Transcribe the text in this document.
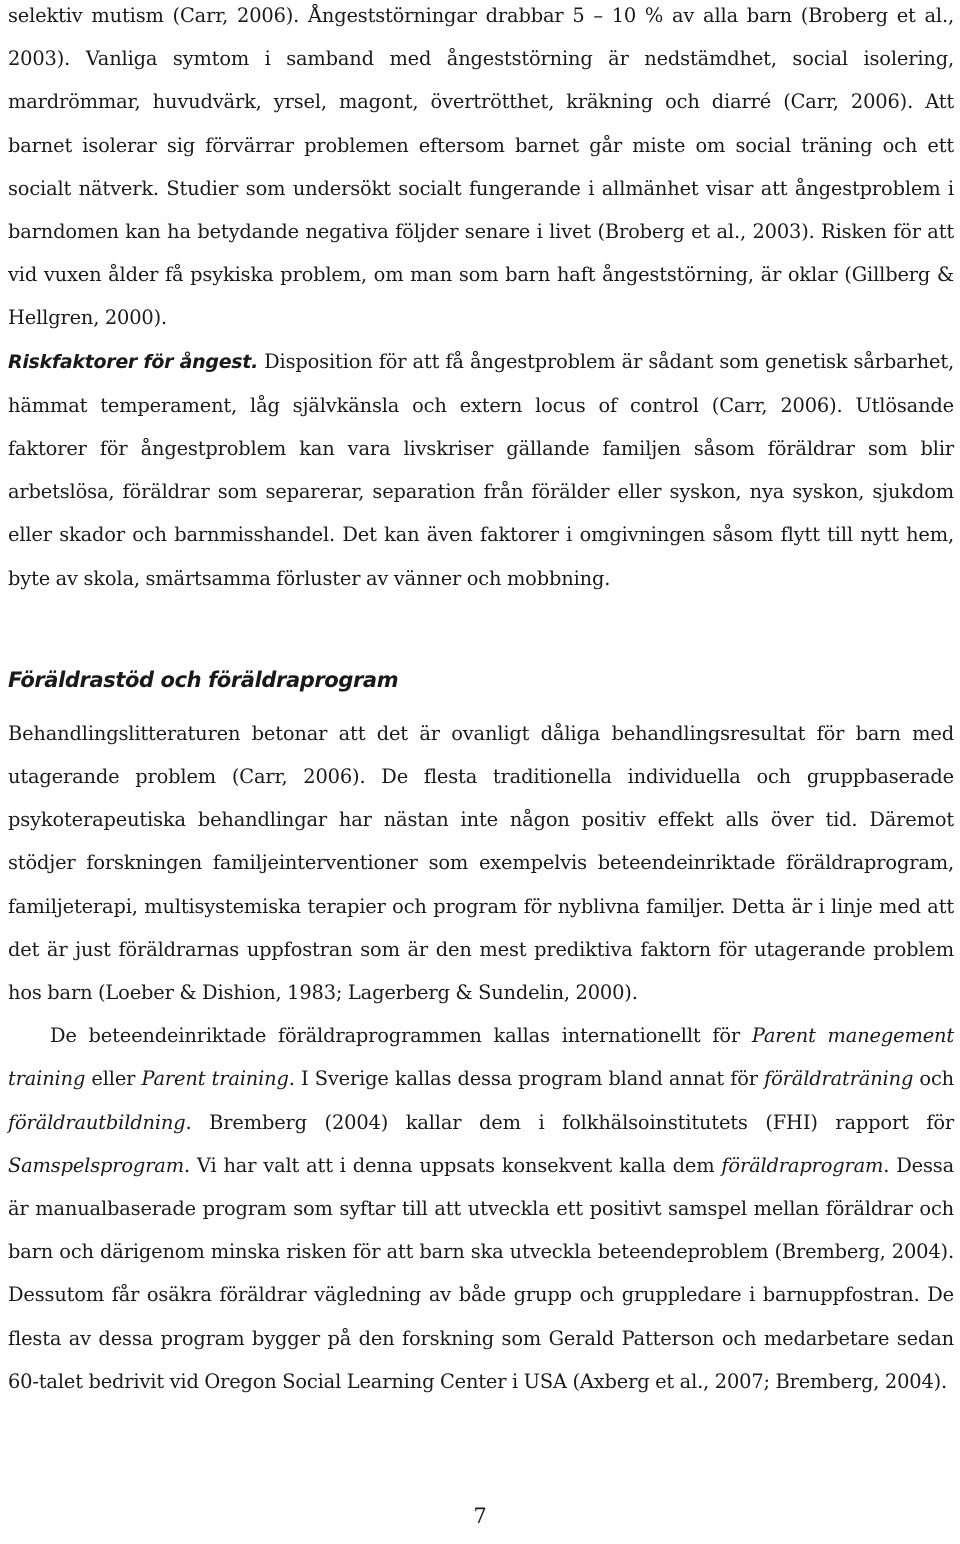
selektiv mutism (Carr, 2006). Ångeststörningar drabbar 5 – 10 % av alla barn (Broberg et al., 2003). Vanliga symtom i samband med ångeststörning är nedstämdhet, social isolering, mardrömmar, huvudvärk, yrsel, magont, övertrötthet, kräkning och diarré (Carr, 2006). Att barnet isolerar sig förvärrar problemen eftersom barnet går miste om social träning och ett socialt nätverk. Studier som undersökt socialt fungerande i allmänhet visar att ångestproblem i barndomen kan ha betydande negativa följder senare i livet (Broberg et al., 2003). Risken för att vid vuxen ålder få psykiska problem, om man som barn haft ångeststörning, är oklar (Gillberg & Hellgren, 2000).

Riskfaktorer för ångest. Disposition för att få ångestproblem är sådant som genetisk sårbarhet, hämmat temperament, låg självkänsla och extern locus of control (Carr, 2006). Utlösande faktorer för ångestproblem kan vara livskriser gällande familjen såsom föräldrar som blir arbetslösa, föräldrar som separerar, separation från förälder eller syskon, nya syskon, sjukdom eller skador och barnmisshandel. Det kan även faktorer i omgivningen såsom flytt till nytt hem, byte av skola, smärtsamma förluster av vänner och mobbning.

Föräldrastöd och föräldraprogram

Behandlingslitteraturen betonar att det är ovanligt dåliga behandlingsresultat för barn med utagerande problem (Carr, 2006). De flesta traditionella individuella och gruppbaserade psykoterapeutiska behandlingar har nästan inte någon positiv effekt alls över tid. Däremot stödjer forskningen familjeinterventioner som exempelvis beteendeinriktade föräldraprogram, familjeterapi, multisystemiska terapier och program för nyblivna familjer. Detta är i linje med att det är just föräldrarnas uppfostran som är den mest prediktiva faktorn för utagerande problem hos barn (Loeber & Dishion, 1983; Lagerberg & Sundelin, 2000).

De beteendeinriktade föräldraprogrammen kallas internationellt för Parent manegement training eller Parent training. I Sverige kallas dessa program bland annat för föräldraträning och föräldrautbildning. Bremberg (2004) kallar dem i folkhälsoinstitutets (FHI) rapport för Samspelsprogram. Vi har valt att i denna uppsats konsekvent kalla dem föräldraprogram. Dessa är manualbaserade program som syftar till att utveckla ett positivt samspel mellan föräldrar och barn och därigenom minska risken för att barn ska utveckla beteendeproblem (Bremberg, 2004). Dessutom får osäkra föräldrar vägledning av både grupp och gruppledare i barnuppfostran. De flesta av dessa program bygger på den forskning som Gerald Patterson och medarbetare sedan 60-talet bedrivit vid Oregon Social Learning Center i USA (Axberg et al., 2007; Bremberg, 2004).

7
